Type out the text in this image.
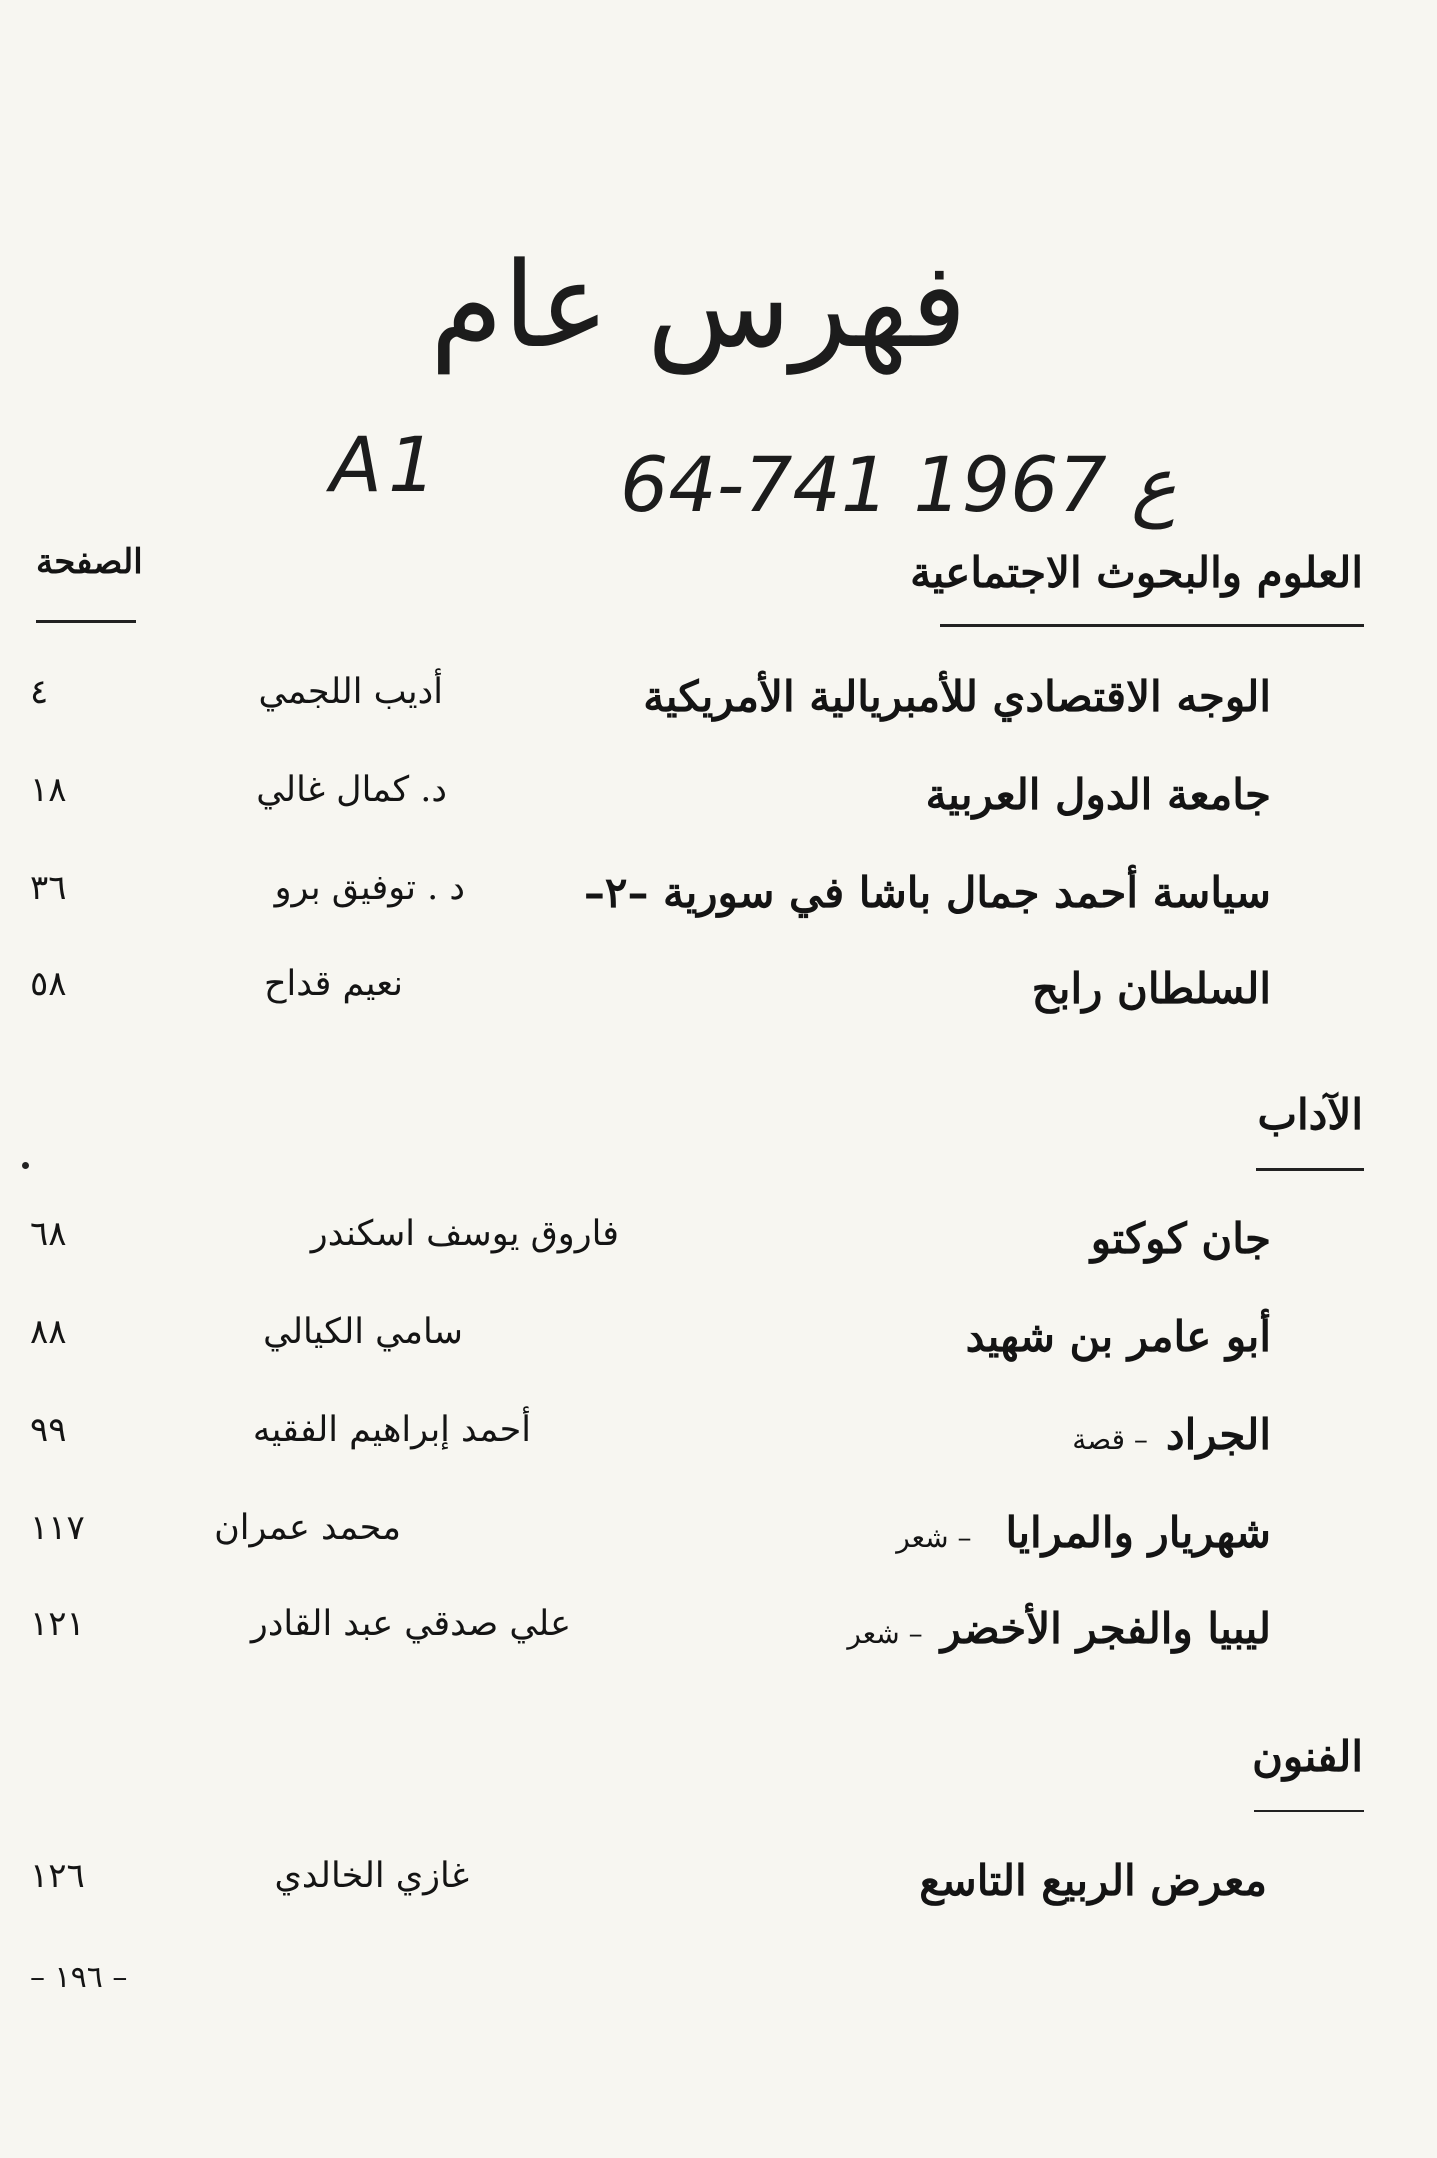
فهرس عام
A1 64-ع 1967 741
الصفحة	العلوم والبحوث الاجتماعية
الوجه الاقتصادي للأمبريالية الأمريكية
أديب اللجمي
٤
جامعة الدول العربية
د. كمال غالي
١٨
سياسة أحمد جمال باشا في سورية –٢–
د . توفيق برو
٣٦
السلطان رابح
نعيم قداح
٥٨
الآداب
جان كوكتو
فاروق يوسف اسكندر
٦٨
أبو عامر بن شهيد
سامي الكيالي
٨٨
الجراد– قصة
أحمد إبراهيم الفقيه
٩٩
شهريار والمرايا– شعر
محمد عمران
١١٧
ليبيا والفجر الأخضر– شعر
علي صدقي عبد القادر
١٢١
الفنون
معرض الربيع التاسع
غازي الخالدي
١٢٦
– ١٩٦ –
